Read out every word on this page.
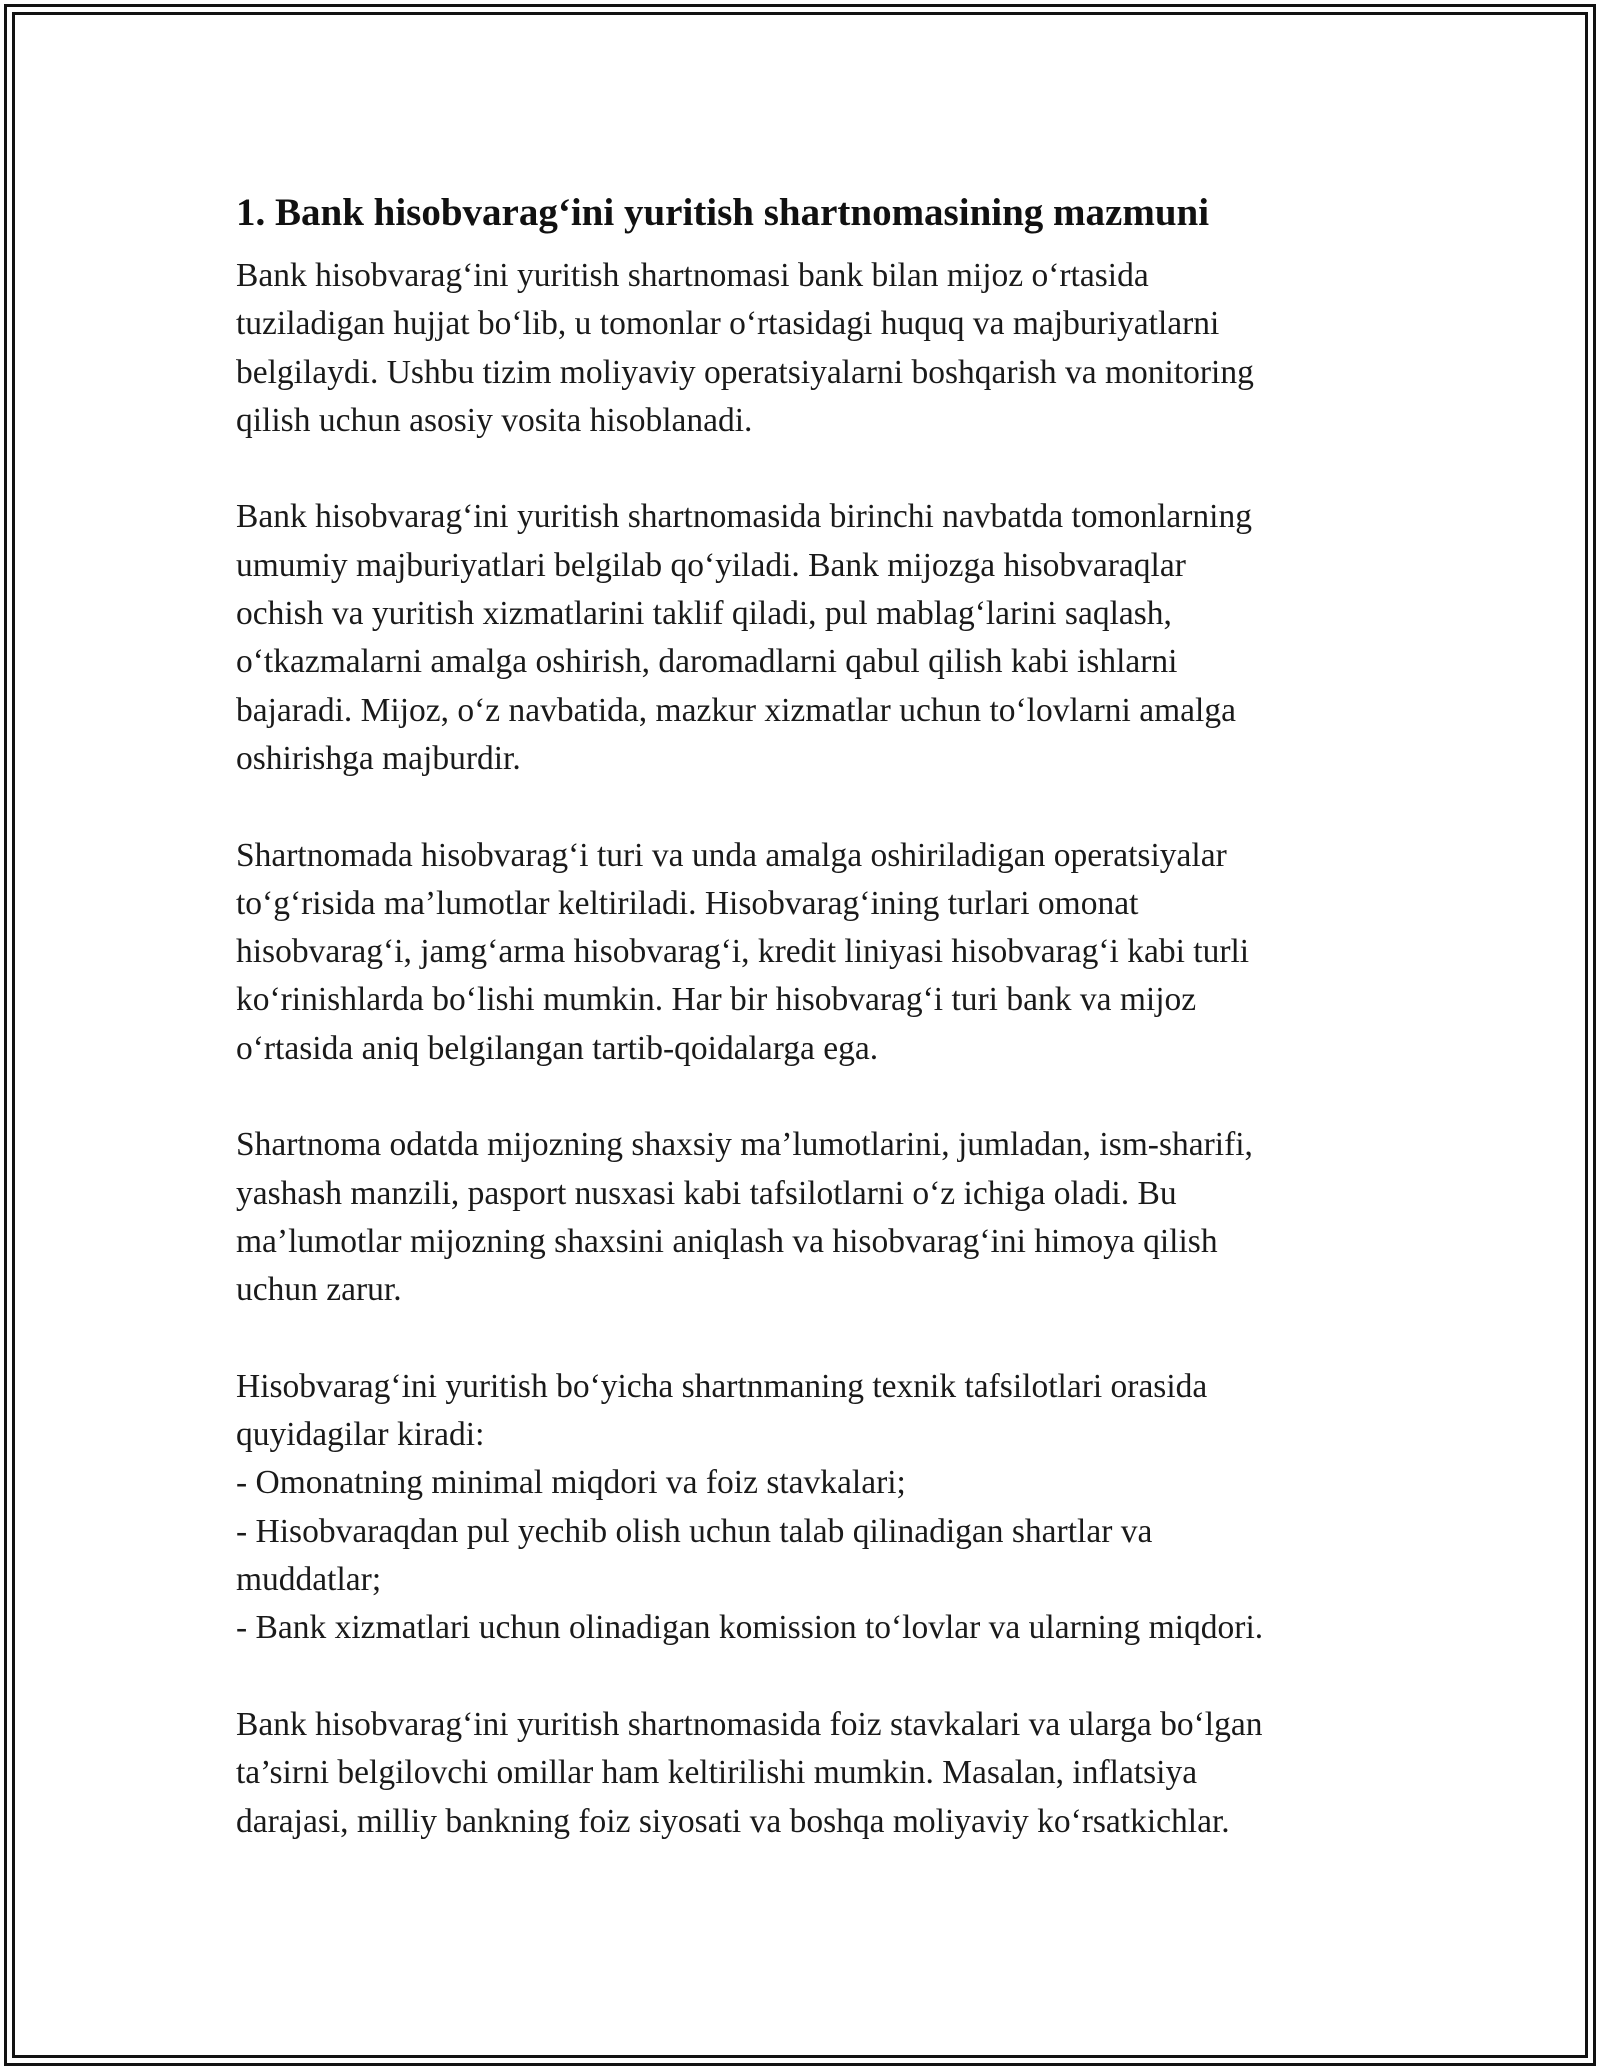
1. Bank hisobvarag‘ini yuritish shartnomasining mazmuni
Bank hisobvarag‘ini yuritish shartnomasi bank bilan mijoz o‘rtasida
tuziladigan hujjat bo‘lib, u tomonlar o‘rtasidagi huquq va majburiyatlarni
belgilaydi. Ushbu tizim moliyaviy operatsiyalarni boshqarish va monitoring
qilish uchun asosiy vosita hisoblanadi.
Bank hisobvarag‘ini yuritish shartnomasida birinchi navbatda tomonlarning
umumiy majburiyatlari belgilab qo‘yiladi. Bank mijozga hisobvaraqlar
ochish va yuritish xizmatlarini taklif qiladi, pul mablag‘larini saqlash,
o‘tkazmalarni amalga oshirish, daromadlarni qabul qilish kabi ishlarni
bajaradi. Mijoz, o‘z navbatida, mazkur xizmatlar uchun to‘lovlarni amalga
oshirishga majburdir.
Shartnomada hisobvarag‘i turi va unda amalga oshiriladigan operatsiyalar
to‘g‘risida ma’lumotlar keltiriladi. Hisobvarag‘ining turlari omonat
hisobvarag‘i, jamg‘arma hisobvarag‘i, kredit liniyasi hisobvarag‘i kabi turli
ko‘rinishlarda bo‘lishi mumkin. Har bir hisobvarag‘i turi bank va mijoz
o‘rtasida aniq belgilangan tartib-qoidalarga ega.
Shartnoma odatda mijozning shaxsiy ma’lumotlarini, jumladan, ism-sharifi,
yashash manzili, pasport nusxasi kabi tafsilotlarni o‘z ichiga oladi. Bu
ma’lumotlar mijozning shaxsini aniqlash va hisobvarag‘ini himoya qilish
uchun zarur.
Hisobvarag‘ini yuritish bo‘yicha shartnmaning texnik tafsilotlari orasida
quyidagilar kiradi:
- Omonatning minimal miqdori va foiz stavkalari;
- Hisobvaraqdan pul yechib olish uchun talab qilinadigan shartlar va
muddatlar;
- Bank xizmatlari uchun olinadigan komission to‘lovlar va ularning miqdori.
Bank hisobvarag‘ini yuritish shartnomasida foiz stavkalari va ularga bo‘lgan
ta’sirni belgilovchi omillar ham keltirilishi mumkin. Masalan, inflatsiya
darajasi, milliy bankning foiz siyosati va boshqa moliyaviy ko‘rsatkichlar.
